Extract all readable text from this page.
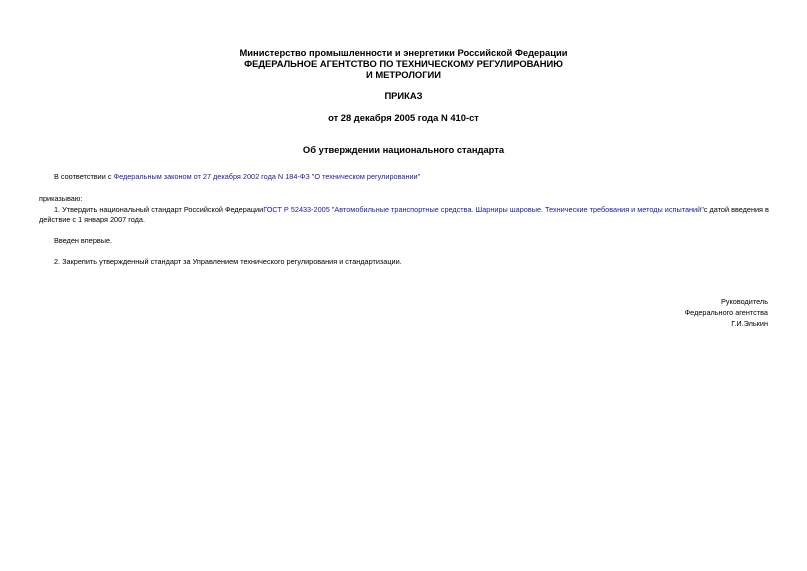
Министерство промышленности и энергетики Российской Федерации
ФЕДЕРАЛЬНОЕ АГЕНТСТВО ПО ТЕХНИЧЕСКОМУ РЕГУЛИРОВАНИЮ
И МЕТРОЛОГИИ
ПРИКАЗ
от 28 декабря 2005 года N 410-ст
Об утверждении национального стандарта
В соответствии с Федеральным законом от 27 декабря 2002 года N 184-ФЗ "О техническом регулировании"
приказываю:
1. Утвердить национальный стандарт Российской ФедерацииГОСТ Р 52433-2005 "Автомобильные транспортные средства. Шарниры шаровые. Технические требования и методы испытаний"с датой введения в
действие с 1 января 2007 года.
Введен впервые.
2. Закрепить утвержденный стандарт за Управлением технического регулирования и стандартизации.
Руководитель
Федерального агентства
Г.И.Элькин
